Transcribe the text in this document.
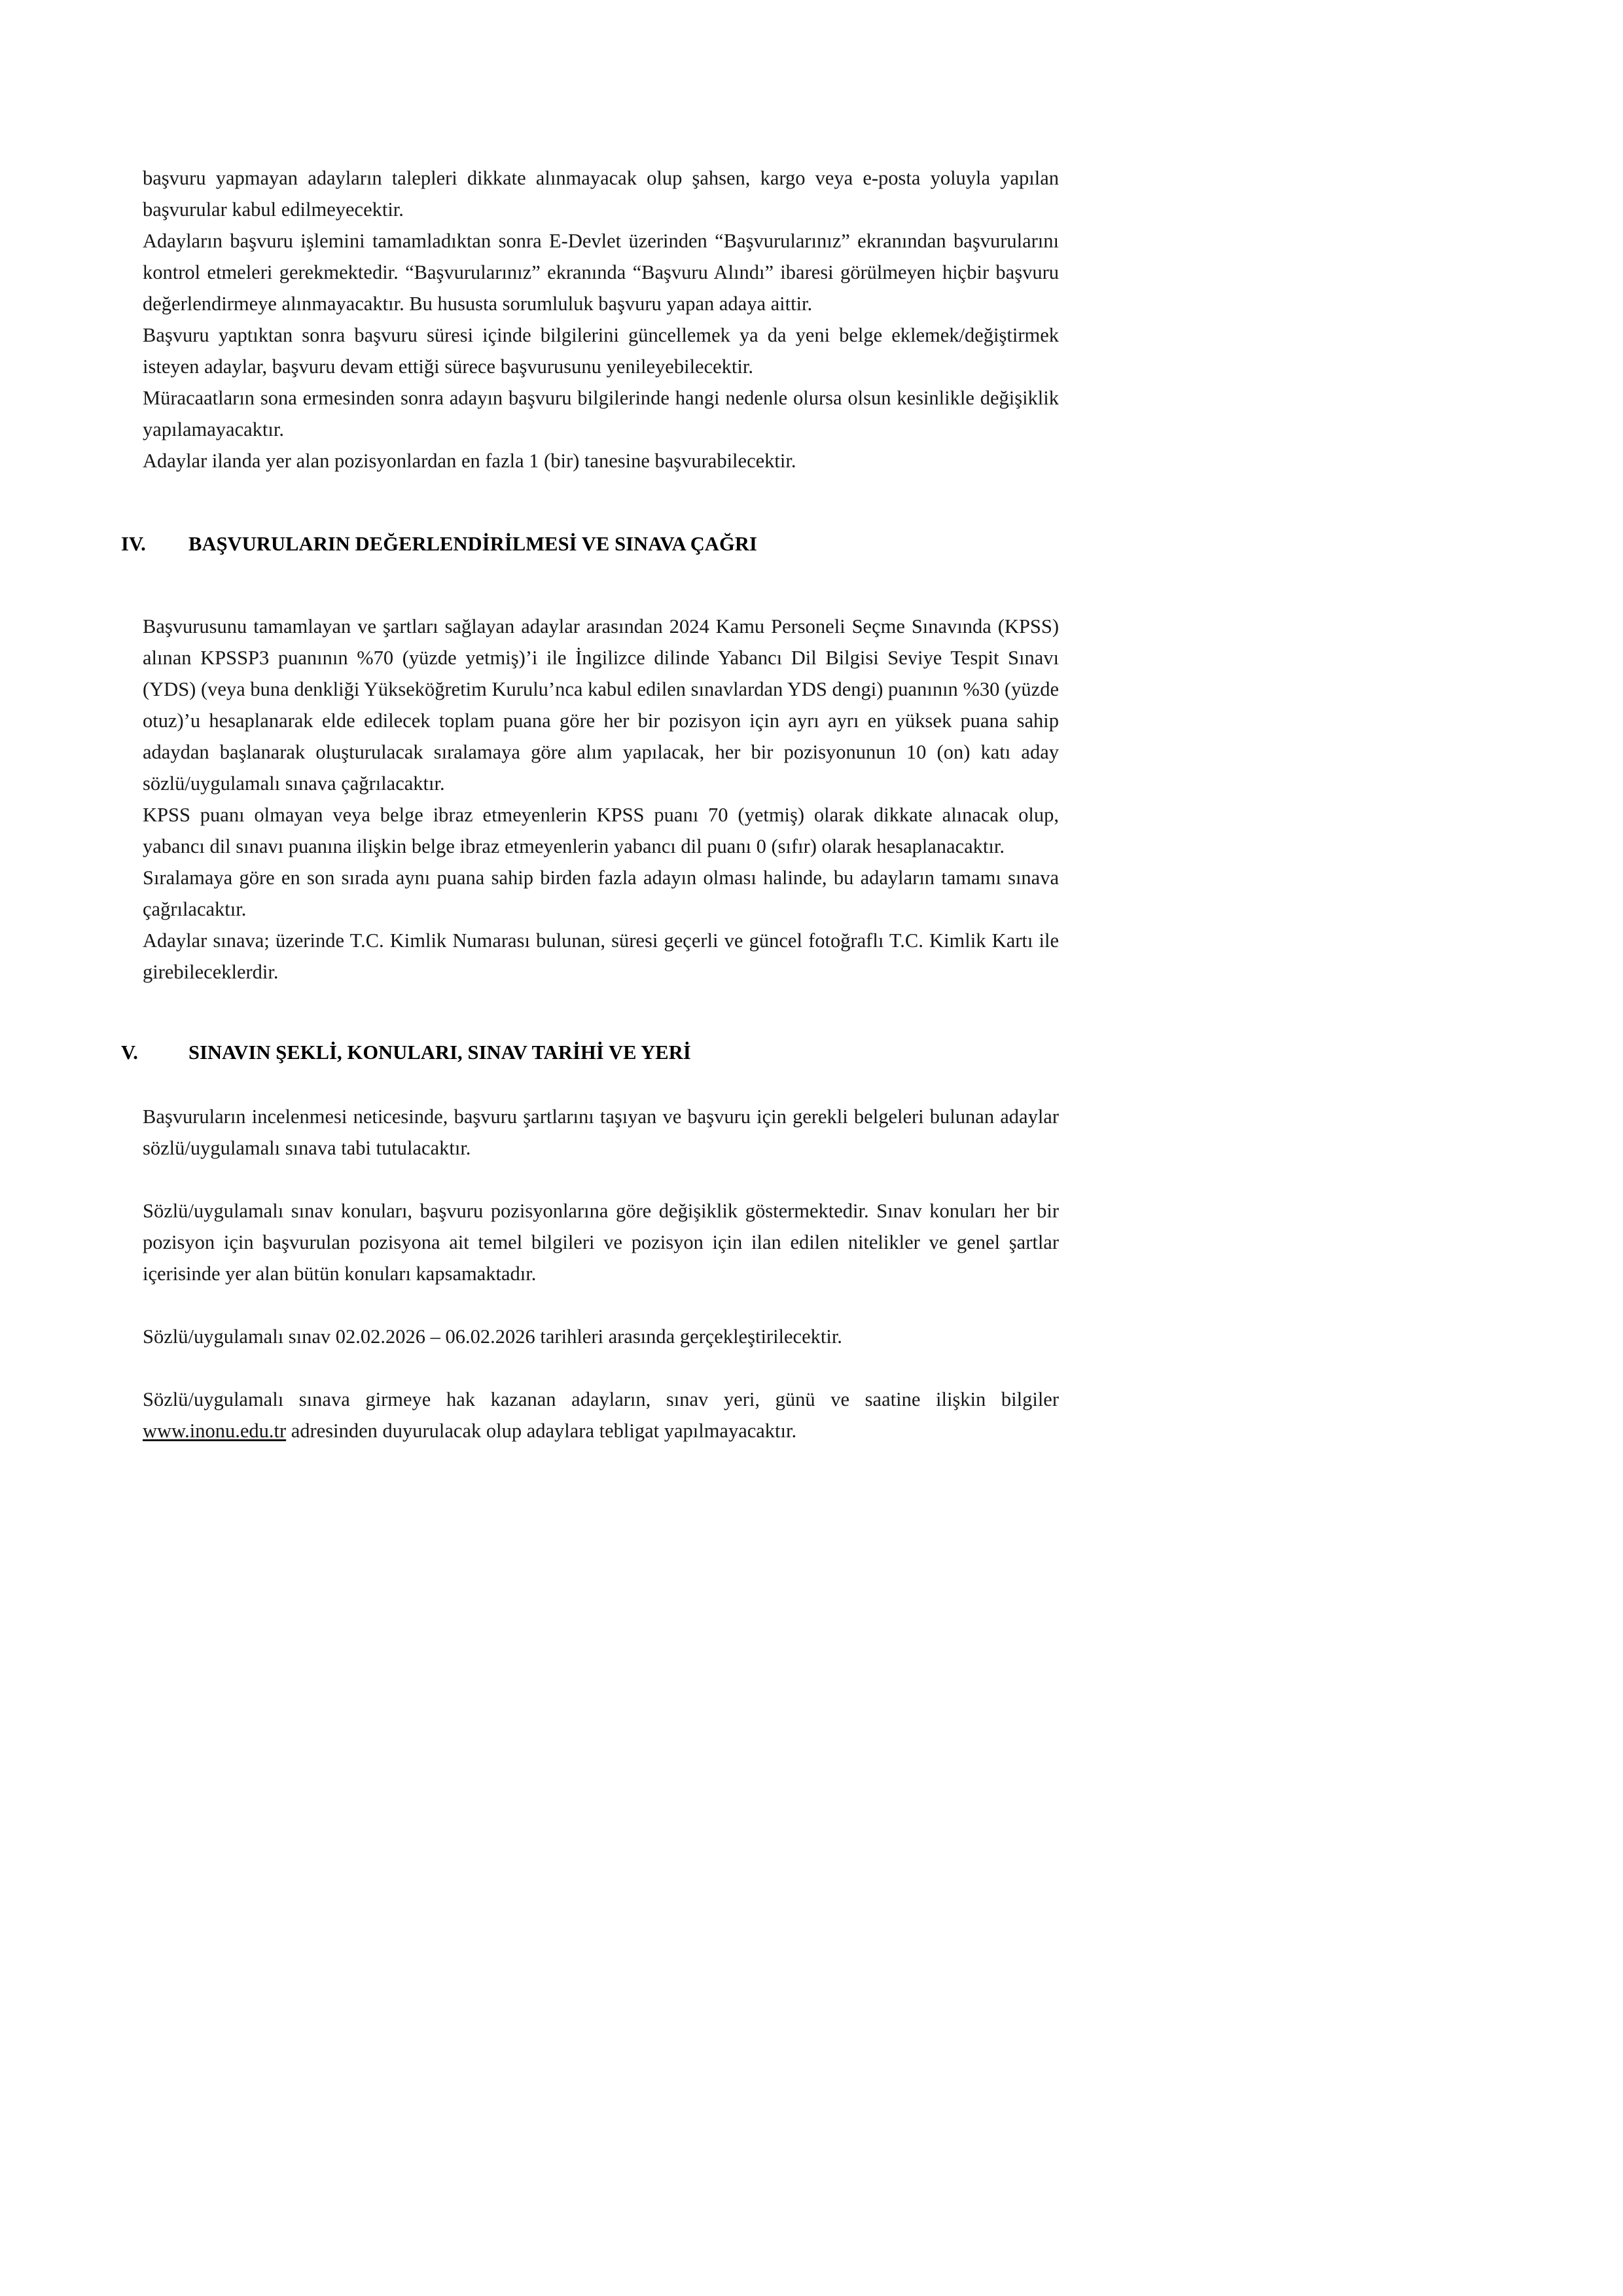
başvuru yapmayan adayların talepleri dikkate alınmayacak olup şahsen, kargo veya e-posta yoluyla yapılan başvurular kabul edilmeyecektir.

Adayların başvuru işlemini tamamladıktan sonra E-Devlet üzerinden “Başvurularınız” ekranından başvurularını kontrol etmeleri gerekmektedir. “Başvurularınız” ekranında “Başvuru Alındı” ibaresi görülmeyen hiçbir başvuru değerlendirmeye alınmayacaktır. Bu hususta sorumluluk başvuru yapan adaya aittir.

Başvuru yaptıktan sonra başvuru süresi içinde bilgilerini güncellemek ya da yeni belge eklemek/değiştirmek isteyen adaylar, başvuru devam ettiği sürece başvurusunu yenileyebilecektir.

Müracaatların sona ermesinden sonra adayın başvuru bilgilerinde hangi nedenle olursa olsun kesinlikle değişiklik yapılamayacaktır.

Adaylar ilanda yer alan pozisyonlardan en fazla 1 (bir) tanesine başvurabilecektir.

IV.	BAŞVURULARIN DEĞERLENDİRİLMESİ VE SINAVA ÇAĞRI

Başvurusunu tamamlayan ve şartları sağlayan adaylar arasından 2024 Kamu Personeli Seçme Sınavında (KPSS) alınan KPSSP3 puanının %70 (yüzde yetmiş)’i ile İngilizce dilinde Yabancı Dil Bilgisi Seviye Tespit Sınavı (YDS) (veya buna denkliği Yükseköğretim Kurulu’nca kabul edilen sınavlardan YDS dengi) puanının %30 (yüzde otuz)’u hesaplanarak elde edilecek toplam puana göre her bir pozisyon için ayrı ayrı en yüksek puana sahip adaydan başlanarak oluşturulacak sıralamaya göre alım yapılacak, her bir pozisyonunun 10 (on) katı aday sözlü/uygulamalı sınava çağrılacaktır.

KPSS puanı olmayan veya belge ibraz etmeyenlerin KPSS puanı 70 (yetmiş) olarak dikkate alınacak olup, yabancı dil sınavı puanına ilişkin belge ibraz etmeyenlerin yabancı dil puanı 0 (sıfır) olarak hesaplanacaktır.

Sıralamaya göre en son sırada aynı puana sahip birden fazla adayın olması halinde, bu adayların tamamı sınava çağrılacaktır.

Adaylar sınava; üzerinde T.C. Kimlik Numarası bulunan, süresi geçerli ve güncel fotoğraflı T.C. Kimlik Kartı ile girebileceklerdir.

V.	SINAVIN ŞEKLİ, KONULARI, SINAV TARİHİ VE YERİ

Başvuruların incelenmesi neticesinde, başvuru şartlarını taşıyan ve başvuru için gerekli belgeleri bulunan adaylar sözlü/uygulamalı sınava tabi tutulacaktır.

Sözlü/uygulamalı sınav konuları, başvuru pozisyonlarına göre değişiklik göstermektedir. Sınav konuları her bir pozisyon için başvurulan pozisyona ait temel bilgileri ve pozisyon için ilan edilen nitelikler ve genel şartlar içerisinde yer alan bütün konuları kapsamaktadır.

Sözlü/uygulamalı sınav 02.02.2026 – 06.02.2026 tarihleri arasında gerçekleştirilecektir.

Sözlü/uygulamalı sınava girmeye hak kazanan adayların, sınav yeri, günü ve saatine ilişkin bilgiler www.inonu.edu.tr adresinden duyurulacak olup adaylara tebligat yapılmayacaktır.
